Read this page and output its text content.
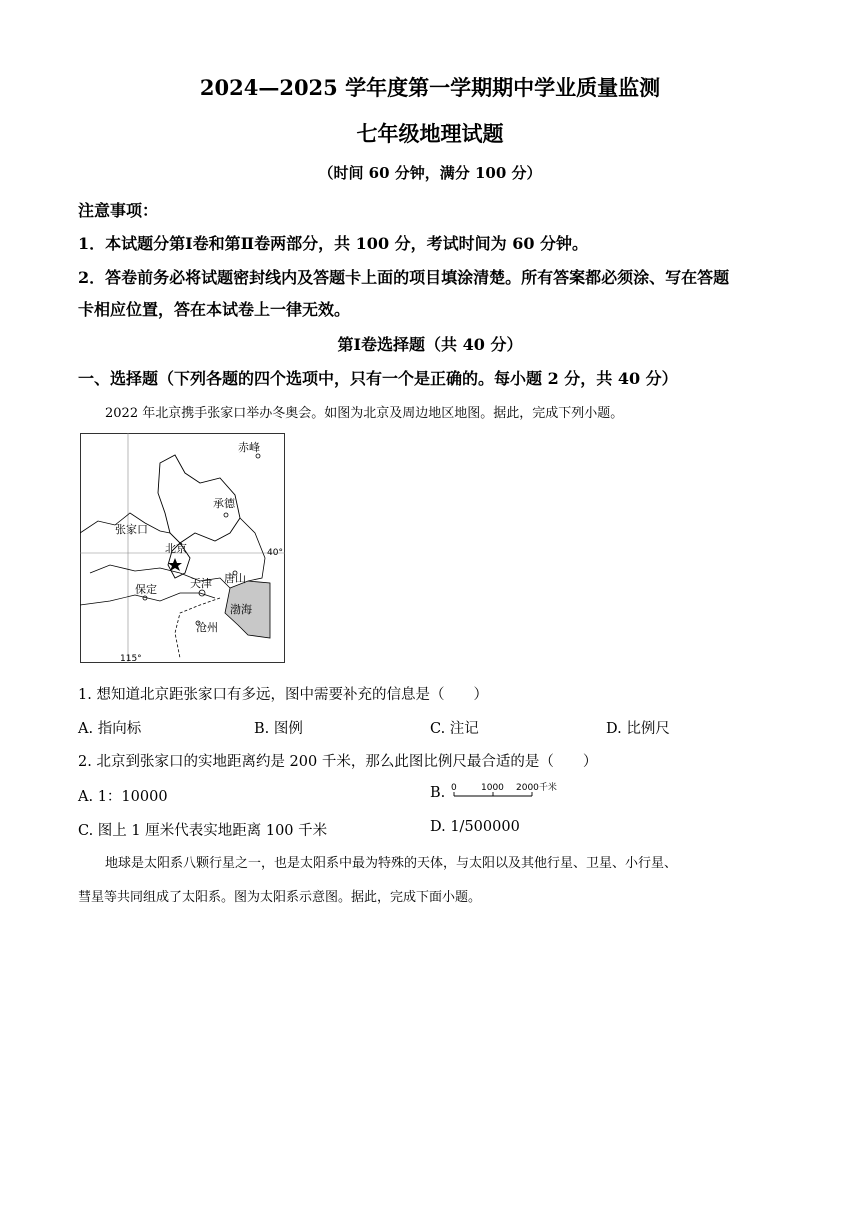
2024—2025 学年度第一学期期中学业质量监测
七年级地理试题
（时间 60 分钟，满分 100 分）
注意事项：
1．本试题分第Ⅰ卷和第Ⅱ卷两部分，共 100 分，考试时间为 60 分钟。
2．答卷前务必将试题密封线内及答题卡上面的项目填涂清楚。所有答案都必须涂、写在答题
卡相应位置，答在本试卷上一律无效。
第Ⅰ卷选择题（共 40 分）
一、选择题（下列各题的四个选项中，只有一个是正确的。每小题 2 分，共 40 分）
2022 年北京携手张家口举办冬奥会。如图为北京及周边地区地图。据此，完成下列小题。
赤峰
承德
张家口
北京
天津 唐山
保定
渤海
沧州
40°
115°
1. 想知道北京距张家口有多远，图中需要补充的信息是（　　）
A. 指向标	B. 图例	C. 注记	D. 比例尺
2. 北京到张家口的实地距离约是 200 千米，那么此图比例尺最合适的是（　　）
A. 1：10000	B. 0	1000 2000千米
C. 图上 1 厘米代表实地距离 100 千米	D. 1/500000
地球是太阳系八颗行星之一，也是太阳系中最为特殊的天体，与太阳以及其他行星、卫星、小行星、
彗星等共同组成了太阳系。图为太阳系示意图。据此，完成下面小题。
